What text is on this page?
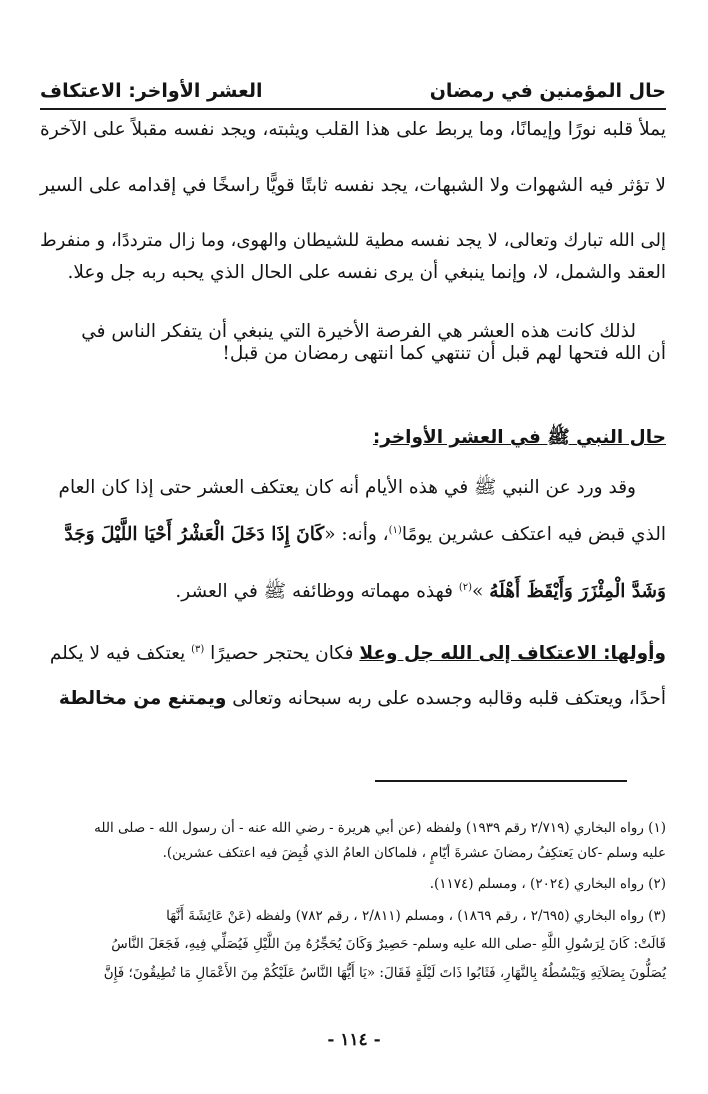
حال المؤمنين في رمضان
العشر الأواخر: الاعتكاف

يملأ قلبه نورًا وإيمانًا، وما يربط على هذا القلب ويثبته، ويجد نفسه مقبلاً على الآخرة

لا تؤثر فيه الشهوات ولا الشبهات، يجد نفسه ثابتًا قويًّا راسخًا في إقدامه على السير

إلى الله تبارك وتعالى، لا يجد نفسه مطية للشيطان والهوى، وما زال مترددًا، و منفرط

العقد والشمل، لا، وإنما ينبغي أن يرى نفسه على الحال الذي يحبه ربه جل وعلا.

لذلك كانت هذه العشر هي الفرصة الأخيرة التي ينبغي أن يتفكر الناس في

أن الله فتحها لهم قبل أن تنتهي كما انتهى رمضان من قبل!

حال النبي ﷺ في العشر الأواخر:

وقد ورد عن النبي ﷺ في هذه الأيام أنه كان يعتكف العشر حتى إذا كان العام

الذي قبض فيه اعتكف عشرين يومًا$^{(١)}$، وأنه: «كَانَ إِذَا دَخَلَ الْعَشْرُ أَحْيَا اللَّيْلَ وَجَدَّ

وَشَدَّ الْمِئْزَرَ وَأَيْقَظَ أَهْلَهُ »$^{(٢)}$ فهذه مهماته ووظائفه ﷺ في العشر.

وأولها: الاعتكاف إلى الله جل وعلا فكان يحتجر حصيرًا $^{(٣)}$ يعتكف فيه لا يكلم

أحدًا، ويعتكف قلبه وقالبه وجسده على ربه سبحانه وتعالى ويمتنع من مخالطة

(١) رواه البخاري (٢/٧١٩ رقم ١٩٣٩) ولفظه (عن أبي هريرة - رضي الله عنه - أن رسول الله - صلى الله

عليه وسلم -كان يَعتكِفُ رمضانَ عشرةَ أيّامٍ ، فلماكان العامُ الذي قُبِضَ فيه اعتكف عشرين).

(٢) رواه البخاري (٢٠٢٤) ، ومسلم (١١٧٤).

(٣) رواه البخاري (٢/٦٩٥ ، رقم ١٨٦٩) ، ومسلم (٢/٨١١ ، رقم ٧٨٢) ولفظه (عَنْ عَائِشَةَ أَنَّهَا

قَالَتْ: كَانَ لِرَسُولِ اللَّهِ -صلى الله عليه وسلم- حَصِيرٌ وَكَانَ يُحَجِّرُهُ مِنَ اللَّيْلِ فَيُصَلِّي فِيهِ، فَجَعَلَ النَّاسُ

يُصَلُّونَ بِصَلاَتِهِ وَيَبْسُطُهُ بِالنَّهَارِ، فَثَابُوا ذَاتَ لَيْلَةٍ فَقَالَ: «يَا أَيُّهَا النَّاسُ عَلَيْكُمْ مِنَ الأَعْمَالِ مَا تُطِيقُونَ؛ فَإِنَّ

- ١١٤ -
